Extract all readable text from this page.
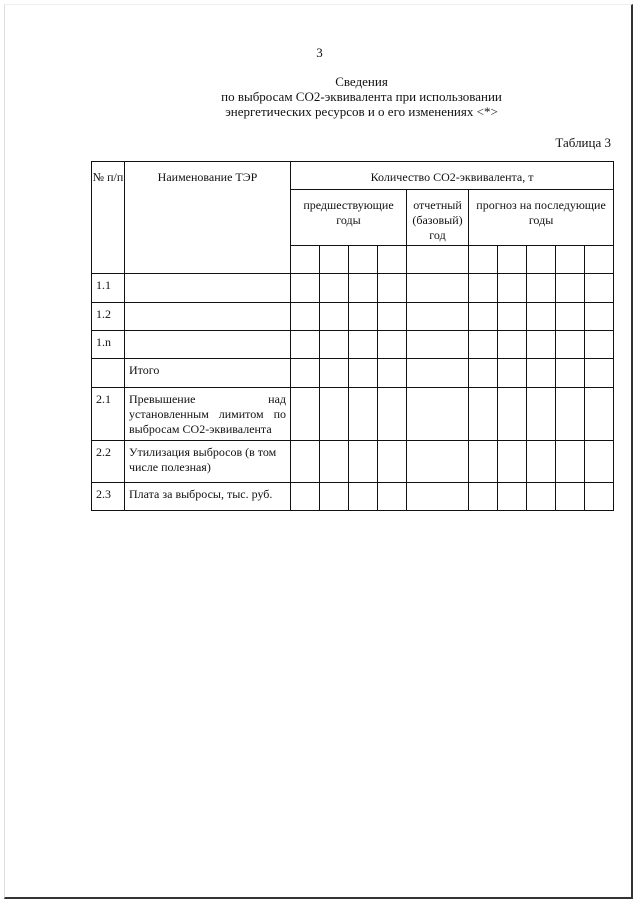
3
Сведения
по выбросам СО2-эквивалента при использовании
энергетических ресурсов и о его изменениях <*>
Таблица 3
№ п/п	Наименование ТЭР	Количество СО2-эквивалента, т									
		предшествующие годы				отчетный (базовый) год	прогноз на последующие годы				

1.1											
1.2											
1.n											
	Итого										
2.1	Превышение над установленным лимитом по выбросам СО2-эквивалента										
2.2	Утилизация выбросов (в том числе полезная)										
2.3	Плата за выбросы, тыс. руб.										
